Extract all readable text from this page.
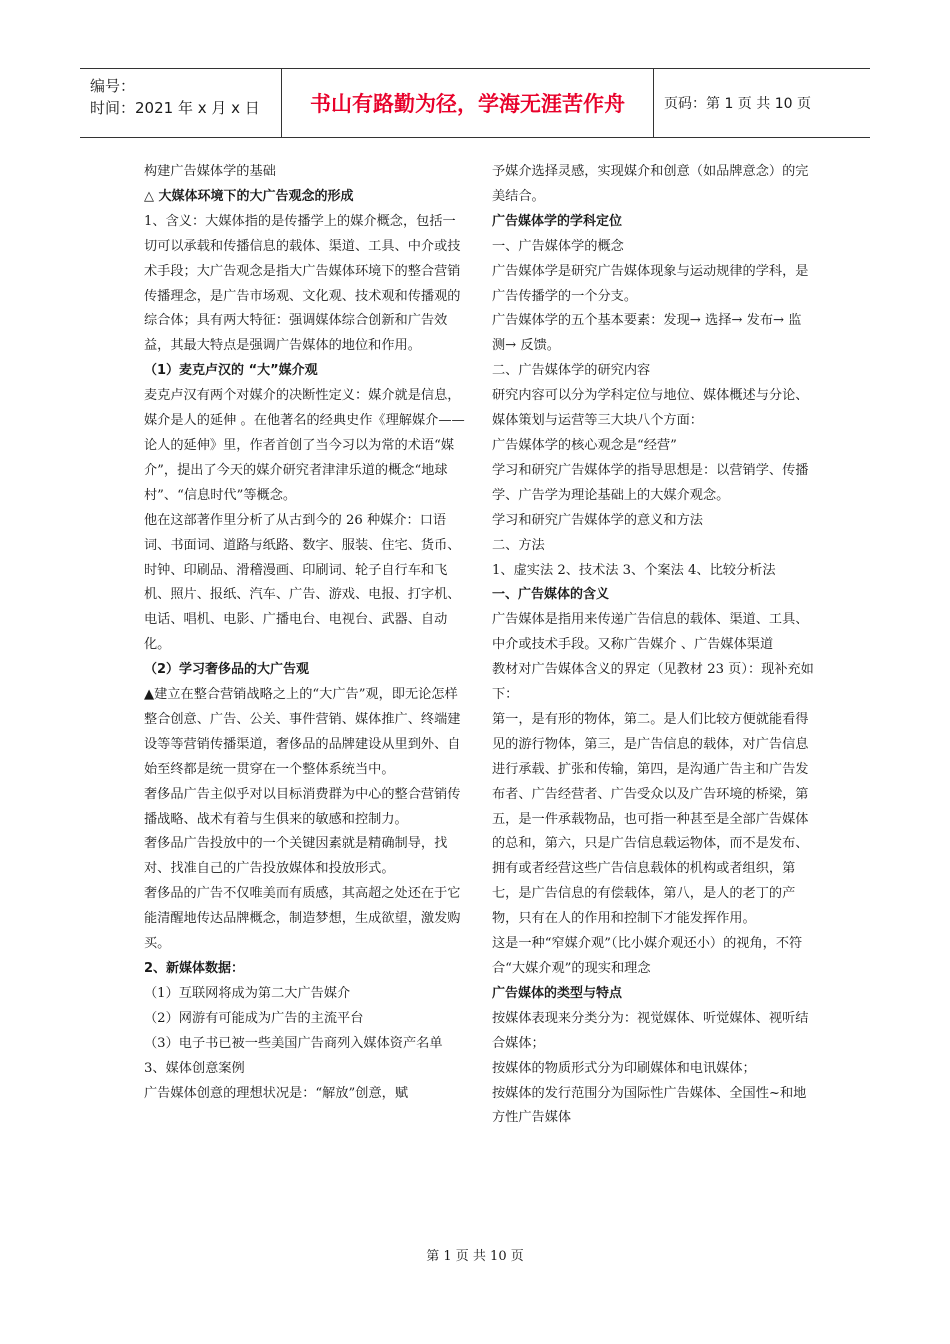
编号：
时间：2021 年 x 月 x 日	书山有路勤为径，学海无涯苦作舟	页码：第 1 页 共 10 页

构建广告媒体学的基础

△ 大媒体环境下的大广告观念的形成

1、含义：大媒体指的是传播学上的媒介概念，包括一切可以承载和传播信息的载体、渠道、工具、中介或技术手段；大广告观念是指大广告媒体环境下的整合营销传播理念，是广告市场观、文化观、技术观和传播观的综合体；具有两大特征：强调媒体综合创新和广告效益，其最大特点是强调广告媒体的地位和作用。

（1）麦克卢汉的 “大”媒介观

麦克卢汉有两个对媒介的决断性定义：媒介就是信息，媒介是人的延伸 。在他著名的经典史作《理解媒介——论人的延伸》里，作者首创了当今习以为常的术语“媒介”，提出了今天的媒介研究者津津乐道的概念“地球村”、“信息时代”等概念。

他在这部著作里分析了从古到今的 26 种媒介：口语词、书面词、道路与纸路、数字、服装、住宅、货币、时钟、印刷品、滑稽漫画、印刷词、轮子自行车和飞机、照片、报纸、汽车、广告、游戏、电报、打字机、电话、唱机、电影、广播电台、电视台、武器、自动化。

（2）学习奢侈品的大广告观

▲建立在整合营销战略之上的“大广告”观，即无论怎样整合创意、广告、公关、事件营销、媒体推广、终端建设等等营销传播渠道，奢侈品的品牌建设从里到外、自始至终都是统一贯穿在一个整体系统当中。

奢侈品广告主似乎对以目标消费群为中心的整合营销传播战略、战术有着与生俱来的敏感和控制力。

奢侈品广告投放中的一个关键因素就是精确制导，找对、找准自己的广告投放媒体和投放形式。

奢侈品的广告不仅唯美而有质感，其高超之处还在于它能清醒地传达品牌概念，制造梦想，生成欲望，激发购买。

2、新媒体数据：

（1）互联网将成为第二大广告媒介

（2）网游有可能成为广告的主流平台

（3）电子书已被一些美国广告商列入媒体资产名单

3、媒体创意案例

广告媒体创意的理想状况是：“解放”创意，赋

予媒介选择灵感，实现媒介和创意（如品牌意念）的完美结合。

广告媒体学的学科定位

一、广告媒体学的概念

广告媒体学是研究广告媒体现象与运动规律的学科，是广告传播学的一个分支。

广告媒体学的五个基本要素：发现→ 选择→ 发布→ 监测→ 反馈。

二、广告媒体学的研究内容

研究内容可以分为学科定位与地位、媒体概述与分论、媒体策划与运营等三大块八个方面：

广告媒体学的核心观念是“经营”

学习和研究广告媒体学的指导思想是：以营销学、传播学、广告学为理论基础上的大媒介观念。

学习和研究广告媒体学的意义和方法

二、方法

1、虚实法 2、技术法 3、个案法 4、比较分析法

一、广告媒体的含义

广告媒体是指用来传递广告信息的载体、渠道、工具、中介或技术手段。又称广告媒介 、广告媒体渠道

教材对广告媒体含义的界定（见教材 23 页）：现补充如下：

第一，是有形的物体，第二。是人们比较方便就能看得见的游行物体，第三，是广告信息的载体，对广告信息进行承载、扩张和传输，第四，是沟通广告主和广告发布者、广告经营者、广告受众以及广告环境的桥梁，第五，是一件承载物品，也可指一种甚至是全部广告媒体的总和，第六，只是广告信息载运物体，而不是发布、拥有或者经营这些广告信息载体的机构或者组织，第七，是广告信息的有偿载体，第八，是人的老丁的产物，只有在人的作用和控制下才能发挥作用。

这是一种“窄媒介观”（比小媒介观还小）的视角，不符合“大媒介观”的现实和理念

广告媒体的类型与特点

按媒体表现来分类分为：视觉媒体、听觉媒体、视听结合媒体；

按媒体的物质形式分为印刷媒体和电讯媒体；

按媒体的发行范围分为国际性广告媒体、全国性~和地方性广告媒体

第 1 页 共 10 页
